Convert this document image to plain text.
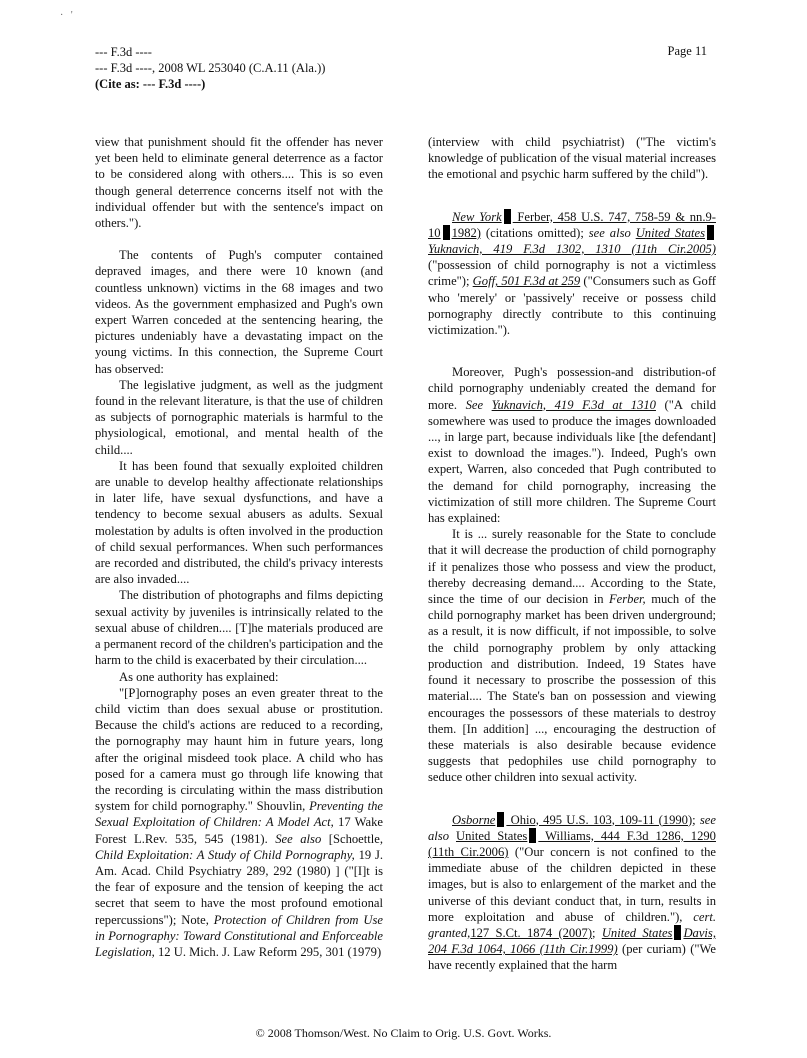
·   '
--- F.3d ----
--- F.3d ----, 2008 WL 253040 (C.A.11 (Ala.))
(Cite as: --- F.3d ----)
Page 11

view that punishment should fit the offender has never yet been held to eliminate general deterrence as a factor to be considered along with others.... This is so even though general deterrence concerns itself not with the individual offender but with the sentence's impact on others.").

The contents of Pugh's computer contained depraved images, and there were 10 known (and countless unknown) victims in the 68 images and two videos. As the government emphasized and Pugh's own expert Warren conceded at the sentencing hearing, the pictures undeniably have a devastating impact on the young victims. In this connection, the Supreme Court has observed:

The legislative judgment, as well as the judgment found in the relevant literature, is that the use of children as subjects of pornographic materials is harmful to the physiological, emotional, and mental health of the child....

It has been found that sexually exploited children are unable to develop healthy affectionate relationships in later life, have sexual dysfunctions, and have a tendency to become sexual abusers as adults. Sexual molestation by adults is often involved in the production of child sexual performances. When such performances are recorded and distributed, the child's privacy interests are also invaded....

The distribution of photographs and films depicting sexual activity by juveniles is intrinsically related to the sexual abuse of children.... [T]he materials produced are a permanent record of the children's participation and the harm to the child is exacerbated by their circulation....

As one authority has explained:

"[P]ornography poses an even greater threat to the child victim than does sexual abuse or prostitution. Because the child's actions are reduced to a recording, the pornography may haunt him in future years, long after the original misdeed took place. A child who has posed for a camera must go through life knowing that the recording is circulating within the mass distribution system for child pornography." Shouvlin, Preventing the Sexual Exploitation of Children: A Model Act, 17 Wake Forest L.Rev. 535, 545 (1981). See also [Schoettle, Child Exploitation: A Study of Child Pornography, 19 J. Am. Acad. Child Psychiatry 289, 292 (1980) ] ("[I]t is the fear of exposure and the tension of keeping the act secret that seem to have the most profound emotional repercussions"); Note, Protection of Children from Use in Pornography: Toward Constitutional and Enforceable Legislation, 12 U. Mich. J. Law Reform 295, 301 (1979)

(interview with child psychiatrist) ("The victim's knowledge of publication of the visual material increases the emotional and psychic harm suffered by the child").

New York Ferber, 458 U.S. 747, 758-59 & nn.9-10 1982) (citations omitted); see also United States Yuknavich, 419 F.3d 1302, 1310 (11th Cir.2005) ("possession of child pornography is not a victimless crime"); Goff, 501 F.3d at 259 ("Consumers such as Goff who 'merely' or 'passively' receive or possess child pornography directly contribute to this continuing victimization.").

Moreover, Pugh's possession-and distribution-of child pornography undeniably created the demand for more. See Yuknavich, 419 F.3d at 1310 ("A child somewhere was used to produce the images downloaded ..., in large part, because individuals like [the defendant] exist to download the images."). Indeed, Pugh's own expert, Warren, also conceded that Pugh contributed to the demand for child pornography, increasing the victimization of still more children. The Supreme Court has explained:

It is ... surely reasonable for the State to conclude that it will decrease the production of child pornography if it penalizes those who possess and view the product, thereby decreasing demand.... According to the State, since the time of our decision in Ferber, much of the child pornography market has been driven underground; as a result, it is now difficult, if not impossible, to solve the child pornography problem by only attacking production and distribution. Indeed, 19 States have found it necessary to proscribe the possession of this material.... The State's ban on possession and viewing encourages the possessors of these materials to destroy them. [In addition] ..., encouraging the destruction of these materials is also desirable because evidence suggests that pedophiles use child pornography to seduce other children into sexual activity.

Osborne Ohio, 495 U.S. 103, 109-11 (1990); see also United States Williams, 444 F.3d 1286, 1290 (11th Cir.2006) ("Our concern is not confined to the immediate abuse of the children depicted in these images, but is also to enlargement of the market and the universe of this deviant conduct that, in turn, results in more exploitation and abuse of children."), cert. granted,127 S.Ct. 1874 (2007); United States Davis, 204 F.3d 1064, 1066 (11th Cir.1999) (per curiam) ("We have recently explained that the harm

© 2008 Thomson/West. No Claim to Orig. U.S. Govt. Works.
